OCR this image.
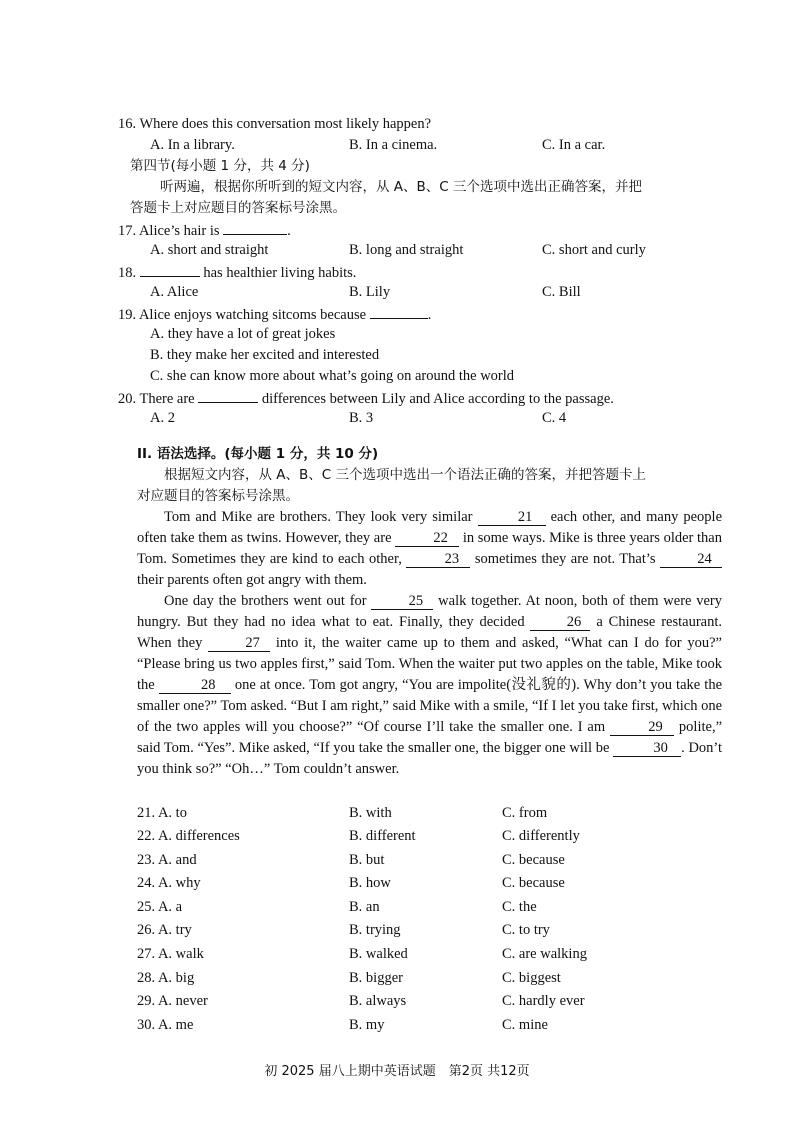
16. Where does this conversation most likely happen?
A. In a library.	B. In a cinema.	C. In a car.
第四节(每小题 1 分，共 4 分)
听两遍，根据你所听到的短文内容，从 A、B、C 三个选项中选出正确答案，并把
答题卡上对应题目的答案标号涂黑。
17. Alice’s hair is	.
A. short and straight	B. long and straight	C. short and curly
18.	has healthier living habits.
A. Alice	B. Lily	C. Bill
19. Alice enjoys watching sitcoms because	.
A. they have a lot of great jokes
B. they make her excited and interested
C. she can know more about what’s going on around the world
20. There are	differences between Lily and Alice according to the passage.
A. 2	B. 3	C. 4
II. 语法选择。(每小题 1 分，共 10 分)
根据短文内容，从 A、B、C 三个选项中选出一个语法正确的答案，并把答题卡上
对应题目的答案标号涂黑。

Tom and Mike are brothers. They look very similar	21 each other, and many people often take them as twins. However, they are	22 in some ways. Mike is three years older than Tom. Sometimes they are kind to each other,	23 sometimes they are not. That’s	24 their parents often got angry with them.

One day the brothers went out for	25 walk together. At noon, both of them were very hungry. But they had no idea what to eat. Finally, they decided	26 a Chinese restaurant. When they	27 into it, the waiter came up to them and asked, “What can I do for you?” “Please bring us two apples first,” said Tom. When the waiter put two apples on the table, Mike took the	28 one at once. Tom got angry, “You are impolite(没礼貌的). Why don’t you take the smaller one?” Tom asked. “But I am right,” said Mike with a smile, “If I let you take first, which one of the two apples will you choose?” “Of course I’ll take the smaller one. I am	29 polite,” said Tom. “Yes”. Mike asked, “If you take the smaller one, the bigger one will be	30 . Don’t you think so?” “Oh…” Tom couldn’t answer.

21. A. to	B. with	C. from
22. A. differences	B. different	C. differently
23. A. and	B. but	C. because
24. A. why	B. how	C. because
25. A. a	B. an	C. the
26. A. try	B. trying	C. to try
27. A. walk	B. walked	C. are walking
28. A. big	B. bigger	C. biggest
29. A. never	B. always	C. hardly ever
30. A. me	B. my	C. mine
初 2025 届八上期中英语试题　第2页 共12页
